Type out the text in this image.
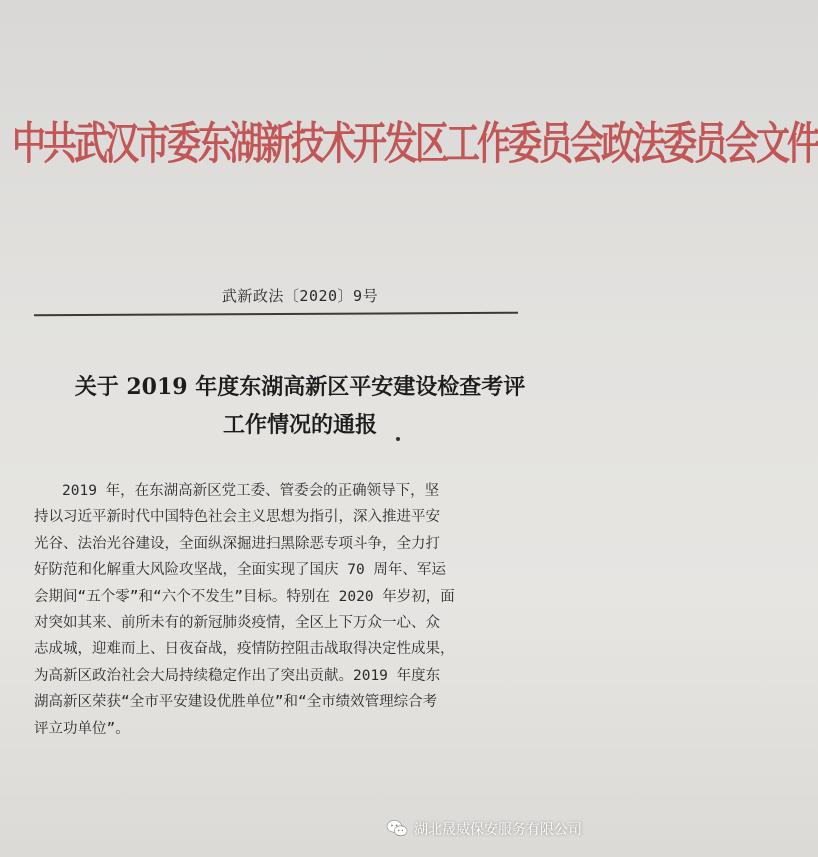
中共武汉市委东湖新技术开发区工作委员会政法委员会文件
武新政法〔2020〕9号
关于 2019 年度东湖高新区平安建设检查考评
工作情况的通报
2019 年，在东湖高新区党工委、管委会的正确领导下，坚
持以习近平新时代中国特色社会主义思想为指引，深入推进平安
光谷、法治光谷建设，全面纵深掘进扫黑除恶专项斗争，全力打
好防范和化解重大风险攻坚战，全面实现了国庆 70 周年、军运
会期间“五个零”和“六个不发生”目标。特别在 2020 年岁初，面
对突如其来、前所未有的新冠肺炎疫情，全区上下万众一心、众
志成城，迎难而上、日夜奋战，疫情防控阻击战取得决定性成果，
为高新区政治社会大局持续稳定作出了突出贡献。2019 年度东
湖高新区荣获“全市平安建设优胜单位”和“全市绩效管理综合考
评立功单位”。
湖北晟威保安服务有限公司
